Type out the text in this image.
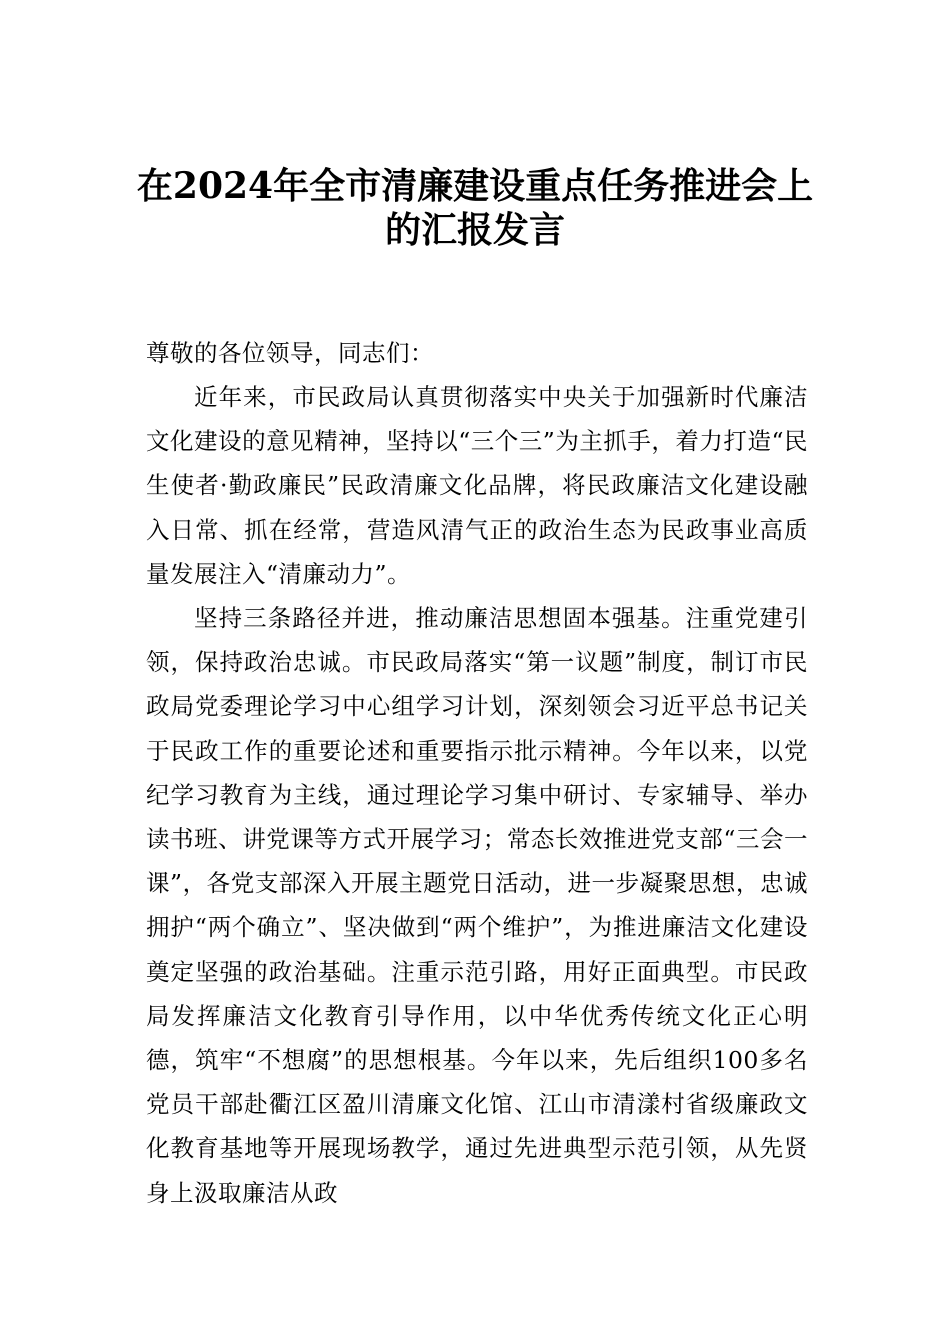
在2024年全市清廉建设重点任务推进会上
的汇报发言
尊敬的各位领导，同志们：
近年来，市民政局认真贯彻落实中央关于加强新时代廉洁文化建设的意见精神，坚持以“三个三”为主抓手，着力打造“民生使者·勤政廉民”民政清廉文化品牌，将民政廉洁文化建设融入日常、抓在经常，营造风清气正的政治生态为民政事业高质量发展注入“清廉动力”。
坚持三条路径并进，推动廉洁思想固本强基。注重党建引领，保持政治忠诚。市民政局落实“第一议题”制度，制订市民政局党委理论学习中心组学习计划，深刻领会习近平总书记关于民政工作的重要论述和重要指示批示精神。今年以来，以党纪学习教育为主线，通过理论学习集中研讨、专家辅导、举办读书班、讲党课等方式开展学习；常态长效推进党支部“三会一课”，各党支部深入开展主题党日活动，进一步凝聚思想，忠诚拥护“两个确立”、坚决做到“两个维护”，为推进廉洁文化建设奠定坚强的政治基础。注重示范引路，用好正面典型。市民政局发挥廉洁文化教育引导作用，以中华优秀传统文化正心明德，筑牢“不想腐”的思想根基。今年以来，先后组织100多名党员干部赴衢江区盈川清廉文化馆、江山市清漾村省级廉政文化教育基地等开展现场教学，通过先进典型示范引领，从先贤身上汲取廉洁从政
